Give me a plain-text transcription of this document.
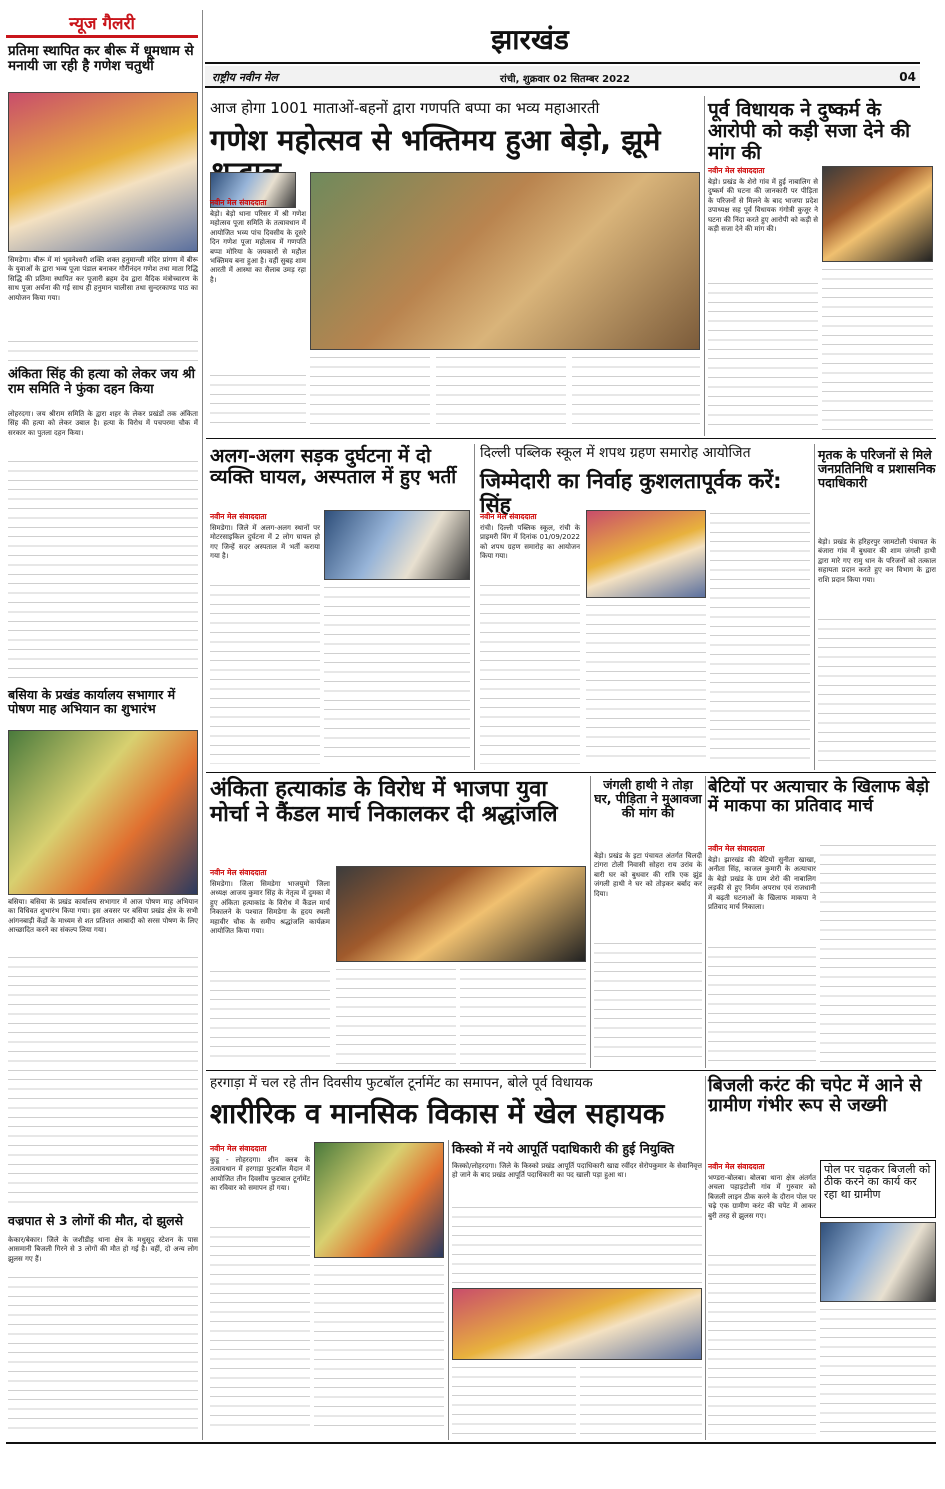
झारखंड
राष्ट्रीय नवीन मेल	रांची, शुक्रवार 02 सितम्बर 2022	04
न्यूज गैलरी
प्रतिमा स्थापित कर बीरू में धूमधाम से मनायी जा रही है गणेश चतुर्थी
सिमडेगा। बीरू में मां भुवनेश्वरी शक्ति शक्त हनुमान्जी मंदिर प्रांगण में बीरू के युवाओं के द्वारा भव्य पूजा पंडाल बनाकर गौरीनंदन गणेश तथा माता रिद्धि सिद्धि की प्रतिमा स्थापित कर पूजारी ब्रहम देव द्वारा वैदिक मंत्रोच्चारण के साथ पूजा अर्चना की गई साथ ही हनुमान चालीसा तथा सुन्दरकाण्ड पाठ का आयोजन किया गया।
अंकिता सिंह की हत्या को लेकर जय श्री राम समिति ने फुंका दहन किया
लोहरदगा। जय श्रीराम समिति के द्वारा शहर के लेकर प्रखंडों तक अंकिता सिंह की हत्या को लेकर उबाल है। हत्या के विरोध में पचपरमा चौक में सरकार का पुतला दहन किया।
बसिया के प्रखंड कार्यालय सभागार में पोषण माह अभियान का शुभारंभ
बसिया। बसिया के प्रखंड कार्यालय सभागार में आज पोषण माह अभियान का विधिवत शुभारंभ किया गया। इस अवसर पर बसिया प्रखंड क्षेत्र के सभी आंगनबाड़ी केंद्रों के माध्यम से शत प्रतिशत आबादी को सरस पोषण के लिए आच्छादित करने का संकल्प लिया गया।
वज्रपात से 3 लोगों की मौत, दो झुलसे
केकार/बेकार। जिले के जशीडीह थाना क्षेत्र के मधुसूद स्टेशन के पास आसमानी बिजली गिरने से 3 लोगों की मौत हो गई है। वहीं, दो अन्य लोग झुलस गए हैं।
आज होगा 1001 माताओं-बहनों द्वारा गणपति बप्पा का भव्य महाआरती
गणेश महोत्सव से भक्तिमय हुआ बेड़ो, झूमे
नवीन मेल संवाददाता
बेड़ो। बेड़ो थाना परिसर में श्री गणेश महोत्सव पूजा समिति के तत्वावधान में आयोजित भव्य पांच दिवसीय के दूसरे दिन गणेश पूजा महोत्सव में गणपति बप्पा मोरिया के जयकारों से महौल भक्तिमय बना हुआ है। वहीं सुबह शाम आरती में आस्था का सैलाब उमड़ रहा है।
पूर्व विधायक ने दुष्कर्म के आरोपी को कड़ी सजा देने की मांग की
नवीन मेल संवाददाता
बेड़ो। प्रखंड के शेरो गांव में हुई नाबालिग से दुष्कर्म की घटना की जानकारी पर पीड़िता के परिजनों से मिलने के बाद भाजपा प्रदेश उपाध्यक्ष सह पूर्व विधायक गंगोत्री कुजूर ने घटना की निंदा करते हुए आरोपी को कड़ी से कड़ी सजा देने की मांग की।
अलग-अलग सड़क दुर्घटना में दो व्यक्ति घायल, अस्पताल में हुए भर्ती
नवीन मेल संवाददाता
सिमडेगा। जिले में अलग-अलग स्थानों पर मोटरसाइकिल दुर्घटना में 2 लोग घायल हो गए जिन्हें सदर अस्पताल में भर्ती कराया गया है।
दिल्ली पब्लिक स्कूल में शपथ ग्रहण समारोह आयोजित
जिम्मेदारी का निर्वाह कुशलतापूर्वक करें: सिंह
नवीन मेल संवाददाता
रांची। दिल्ली पब्लिक स्कूल, रांची के प्राइमरी विंग में दिनांक 01/09/2022 को शपथ ग्रहण समारोह का आयोजन किया गया।
मृतक के परिजनों से मिले जनप्रतिनिधि व प्रशासनिक पदाधिकारी
बेड़ो। प्रखंड के हरिहरपुर जामटोली पंचायत के बंजारा गांव में बुधवार की शाम जंगली हाथी द्वारा मारे गए रामु धान के परिजनों को तत्काल सहायता प्रदान करते हुए वन विभाग के द्वारा राशि प्रदान किया गया।
अंकिता हत्याकांड के विरोध में भाजपा युवा मोर्चा ने कैंडल मार्च निकालकर दी श्रद्धांजलि
नवीन मेल संवाददाता
सिमडेगा। जिला सिमडेगा भाजयुमो जिला अध्यक्ष आजय कुमार सिंह के नेतृत्व में दुमका में हुए अंकिता हत्याकांड के विरोध में कैंडल मार्च निकालने के पश्चात सिमडेगा के हृदय स्थली महावीर चौक के समीप श्रद्धांजलि कार्यक्रम आयोजित किया गया।
जंगली हाथी ने तोड़ा घर, पीड़िता ने मुआवजा की मांग की
बेड़ो। प्रखंड के इटा पंचायत अंतर्गत चिलदी टांगरा टोली निवासी सोहरा राय उरांव के बारी घर को बुधवार की रात्रि एक झुंड जंगली हाथी ने घर को तोड़कर बर्बाद कर दिया।
बेटियों पर अत्याचार के खिलाफ बेड़ो में माकपा का प्रतिवाद मार्च
नवीन मेल संवाददाता
बेड़ो। झारखंड की बेटियों सुनीता खाखा, अनीता सिंह, काजल कुमारी के अत्याचार के बेड़ो प्रखंड के ग्राम शेरो की नाबालिग लड़की से हुए निर्मम अपराध एवं राजधानी में बढ़ती घटनाओं के खिलाफ माकपा ने प्रतिवाद मार्च निकाला।
हरगाड़ा में चल रहे तीन दिवसीय फुटबॉल टूर्नामेंट का समापन, बोले पूर्व विधायक
शारीरिक व मानसिक विकास में खेल सहायक
नवीन मेल संवाददाता
कुडू - लोहरदगा। शीन क्लब के तत्वावधान में हरगाड़ा फुटबॉल मैदान में आयोजित तीन दिवसीय फुटबाल टूर्नामेंट का रविवार को समापन हो गया।
किस्को में नये आपूर्ति पदाधिकारी की हुई नियुक्ति
किस्को/लोहरदगा। जिले के किस्को प्रखंड आपूर्ति पदाधिकारी खाद्य रवींदर सेरोपकुमार के सेवानिवृत्त हो जाने के बाद प्रखंड आपूर्ति पदाधिकारी का पद खाली पड़ा हुआ था।
बिजली करंट की चपेट में आने से ग्रामीण गंभीर रूप से जख्मी
नवीन मेल संवाददाता
भण्डरा-बोलबा। बोलबा थाना क्षेत्र अंतर्गत अचला पहाड़टोली गांव में गुरुवार को बिजली लाइन ठीक करने के दौरान पोल पर चढ़े एक ग्रामीण करंट की चपेट में आकर बुरी तरह से झुलस गए।
पोल पर चढ़कर बिजली को ठीक करने का कार्य कर रहा था ग्रामीण
